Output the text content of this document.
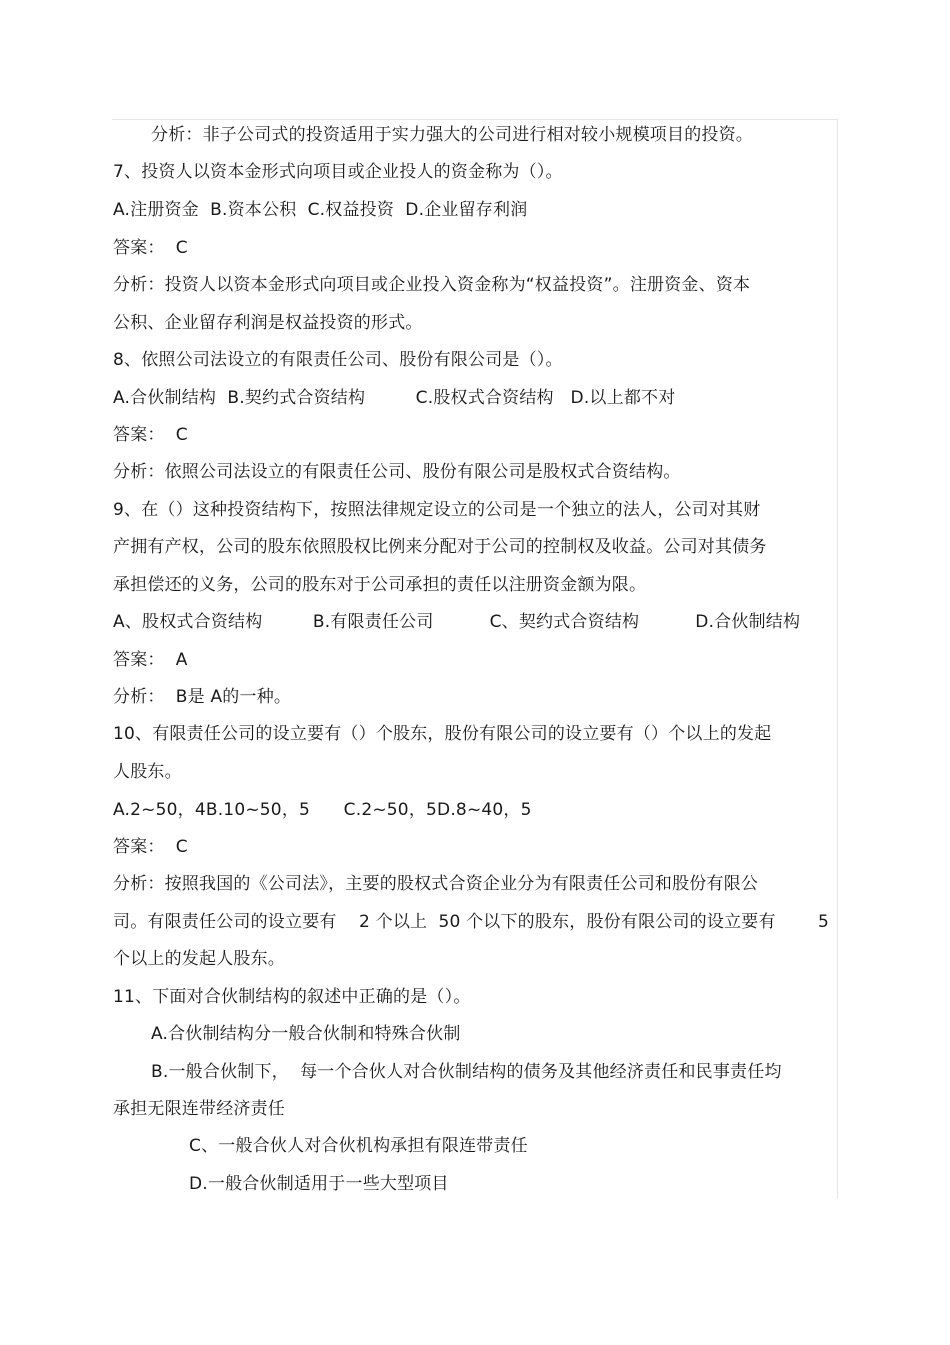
分析：非子公司式的投资适用于实力强大的公司进行相对较小规模项目的投资。
7、投资人以资本金形式向项目或企业投人的资金称为（）。
A.注册资金  B.资本公积  C.权益投资  D.企业留存利润
答案：  C
分析：投资人以资本金形式向项目或企业投入资金称为“权益投资”。注册资金、资本
公积、企业留存利润是权益投资的形式。
8、依照公司法设立的有限责任公司、股份有限公司是（）。
A.合伙制结构  B.契约式合资结构         C.股权式合资结构   D.以上都不对
答案：  C
分析：依照公司法设立的有限责任公司、股份有限公司是股权式合资结构。
9、在（）这种投资结构下，按照法律规定设立的公司是一个独立的法人，公司对其财
产拥有产权，公司的股东依照股权比例来分配对于公司的控制权及收益。公司对其债务
承担偿还的义务，公司的股东对于公司承担的责任以注册资金额为限。
A、股权式合资结构         B.有限责任公司          C、契约式合资结构          D.合伙制结构
答案：  A
分析：  B是 A的一种。
10、有限责任公司的设立要有（）个股东，股份有限公司的设立要有（）个以上的发起
人股东。
A.2~50，4B.10~50，5      C.2~50，5D.8~40，5
答案：  C
分析：按照我国的《公司法》，主要的股权式合资企业分为有限责任公司和股份有限公
司。有限责任公司的设立要有    2 个以上  50 个以下的股东，股份有限公司的设立要有 5
个以上的发起人股东。
11、下面对合伙制结构的叙述中正确的是（）。
A.合伙制结构分一般合伙制和特殊合伙制
B.一般合伙制下，  每一个合伙人对合伙制结构的债务及其他经济责任和民事责任均
承担无限连带经济责任
C、一般合伙人对合伙机构承担有限连带责任
D.一般合伙制适用于一些大型项目
